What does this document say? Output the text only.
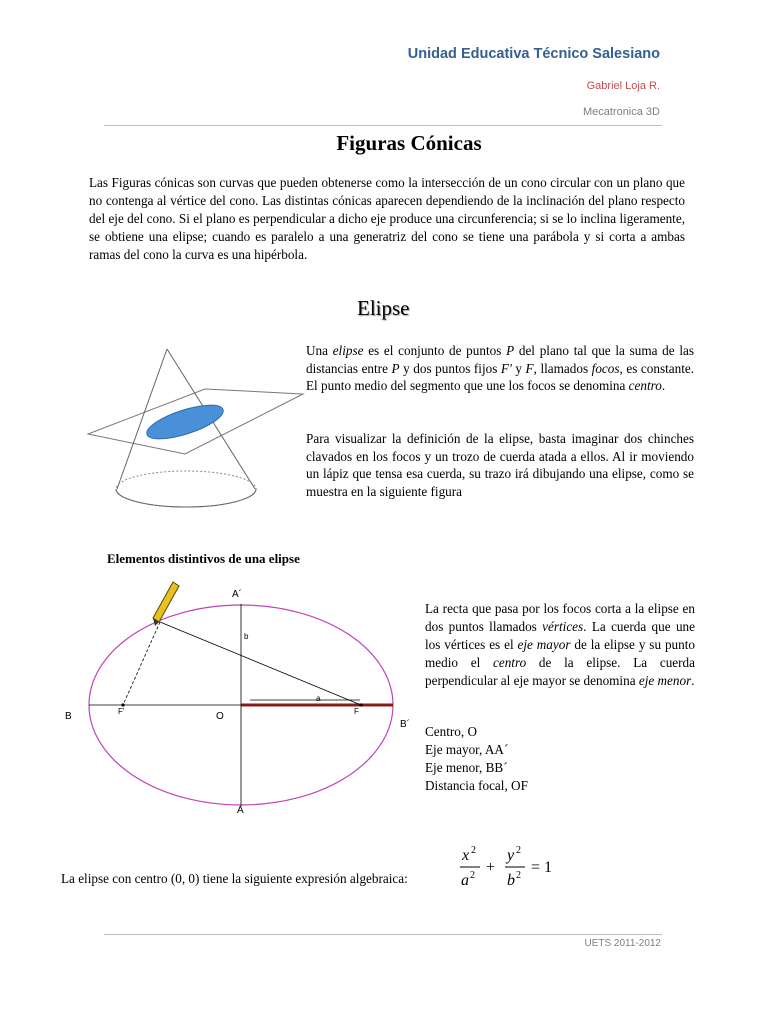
Unidad Educativa Técnico Salesiano
Gabriel Loja R.
Mecatronica 3D
Figuras Cónicas

Las Figuras cónicas son curvas que pueden obtenerse como la intersección de un cono circular con un plano que no contenga al vértice del cono. Las distintas cónicas aparecen dependiendo de la inclinación del plano respecto del eje del cono. Si el plano es perpendicular a dicho eje produce una circunferencia; si se lo inclina ligeramente, se obtiene una elipse; cuando es paralelo a una generatriz del cono se tiene una parábola y si corta a ambas ramas del cono la curva es una hipérbola.

Elipse

Una elipse es el conjunto de puntos P del plano tal que la suma de las distancias entre P y dos puntos fijos F' y F, llamados focos, es constante. El punto medio del segmento que une los focos se denomina centro.

Para visualizar la definición de la elipse, basta imaginar dos chinches clavados en los focos y un trozo de cuerda atada a ellos. Al ir moviendo un lápiz que tensa esa cuerda, su trazo irá dibujando una elipse, como se muestra en la siguiente figura

Elementos distintivos de una elipse
A´
A
B
B´
O
F'	F
a
b

La recta que pasa por los focos corta a la elipse en dos puntos llamados vértices. La cuerda que une los vértices es el eje mayor de la elipse y su punto medio el centro de la elipse. La cuerda perpendicular al eje mayor se denomina eje menor.

Centro, O
Eje mayor, AA´
Eje menor, BB´
Distancia focal, OF
La elipse con centro (0, 0) tiene la siguiente expresión algebraica:
x 2
a 2 +
y 2
b 2 = 1
UETS 2011-2012
